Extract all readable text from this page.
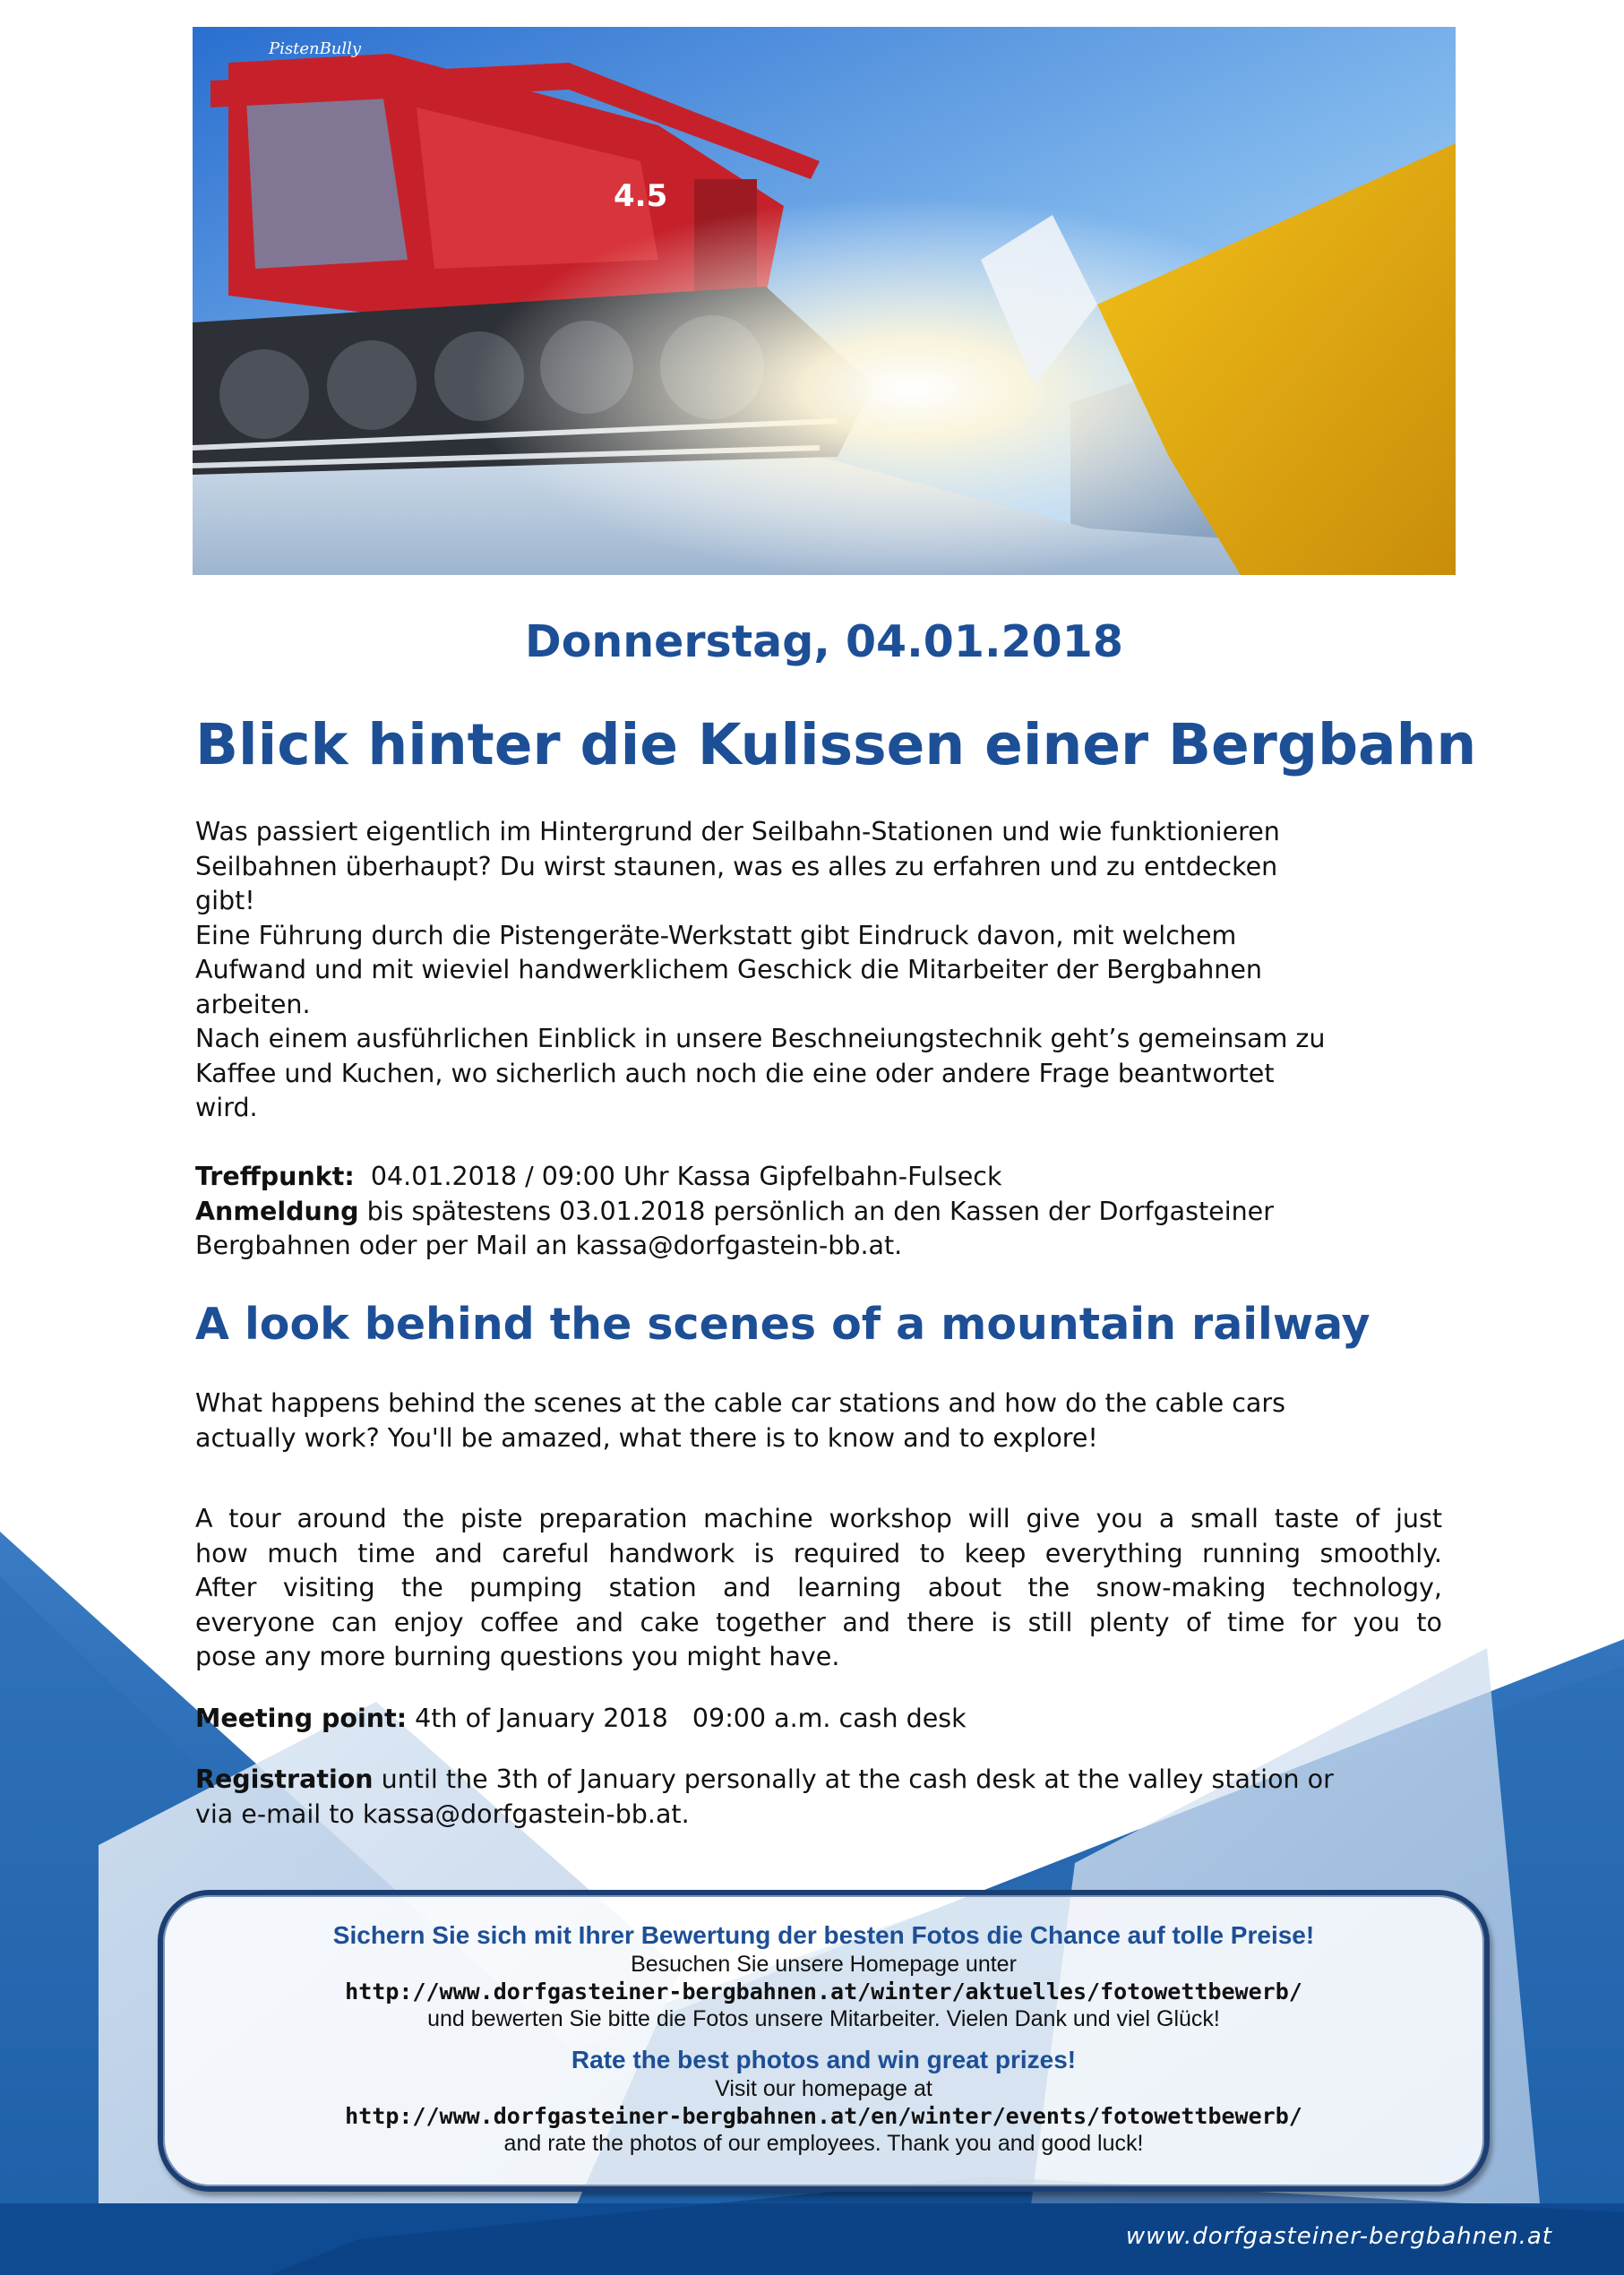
4.5
PistenBully
Donnerstag, 04.01.2018
Blick hinter die Kulissen einer Bergbahn
Was passiert eigentlich im Hintergrund der Seilbahn-Stationen und wie funktionieren
Seilbahnen überhaupt? Du wirst staunen, was es alles zu erfahren und zu entdecken
gibt!
Eine Führung durch die Pistengeräte-Werkstatt gibt Eindruck davon, mit welchem
Aufwand und mit wieviel handwerklichem Geschick die Mitarbeiter der Bergbahnen
arbeiten.
Nach einem ausführlichen Einblick in unsere Beschneiungstechnik geht’s gemeinsam zu
Kaffee und Kuchen, wo sicherlich auch noch die eine oder andere Frage beantwortet
wird.
Treffpunkt:  04.01.2018 / 09:00 Uhr Kassa Gipfelbahn-Fulseck
Anmeldung bis spätestens 03.01.2018 persönlich an den Kassen der Dorfgasteiner
Bergbahnen oder per Mail an kassa@dorfgastein-bb.at.
A look behind the scenes of a mountain railway
What happens behind the scenes at the cable car stations and how do the cable cars
actually work? You'll be amazed, what there is to know and to explore!
A tour around the piste preparation machine workshop will give you a small taste of just
how much time and careful handwork is required to keep everything running smoothly.
After visiting the pumping station and learning about the snow-making technology,
everyone can enjoy coffee and cake together and there is still plenty of time for you to
pose any more burning questions you might have.
Meeting point: 4th of January 2018   09:00 a.m. cash desk
Registration until the 3th of January personally at the cash desk at the valley station or
via e-mail to kassa@dorfgastein-bb.at.
Sichern Sie sich mit Ihrer Bewertung der besten Fotos die Chance auf tolle Preise!
Besuchen Sie unsere Homepage unter
http://www.dorfgasteiner-bergbahnen.at/winter/aktuelles/fotowettbewerb/
und bewerten Sie bitte die Fotos unsere Mitarbeiter. Vielen Dank und viel Glück!
Rate the best photos and win great prizes!
Visit our homepage at
http://www.dorfgasteiner-bergbahnen.at/en/winter/events/fotowettbewerb/
and rate the photos of our employees. Thank you and good luck!
www.dorfgasteiner-bergbahnen.at
